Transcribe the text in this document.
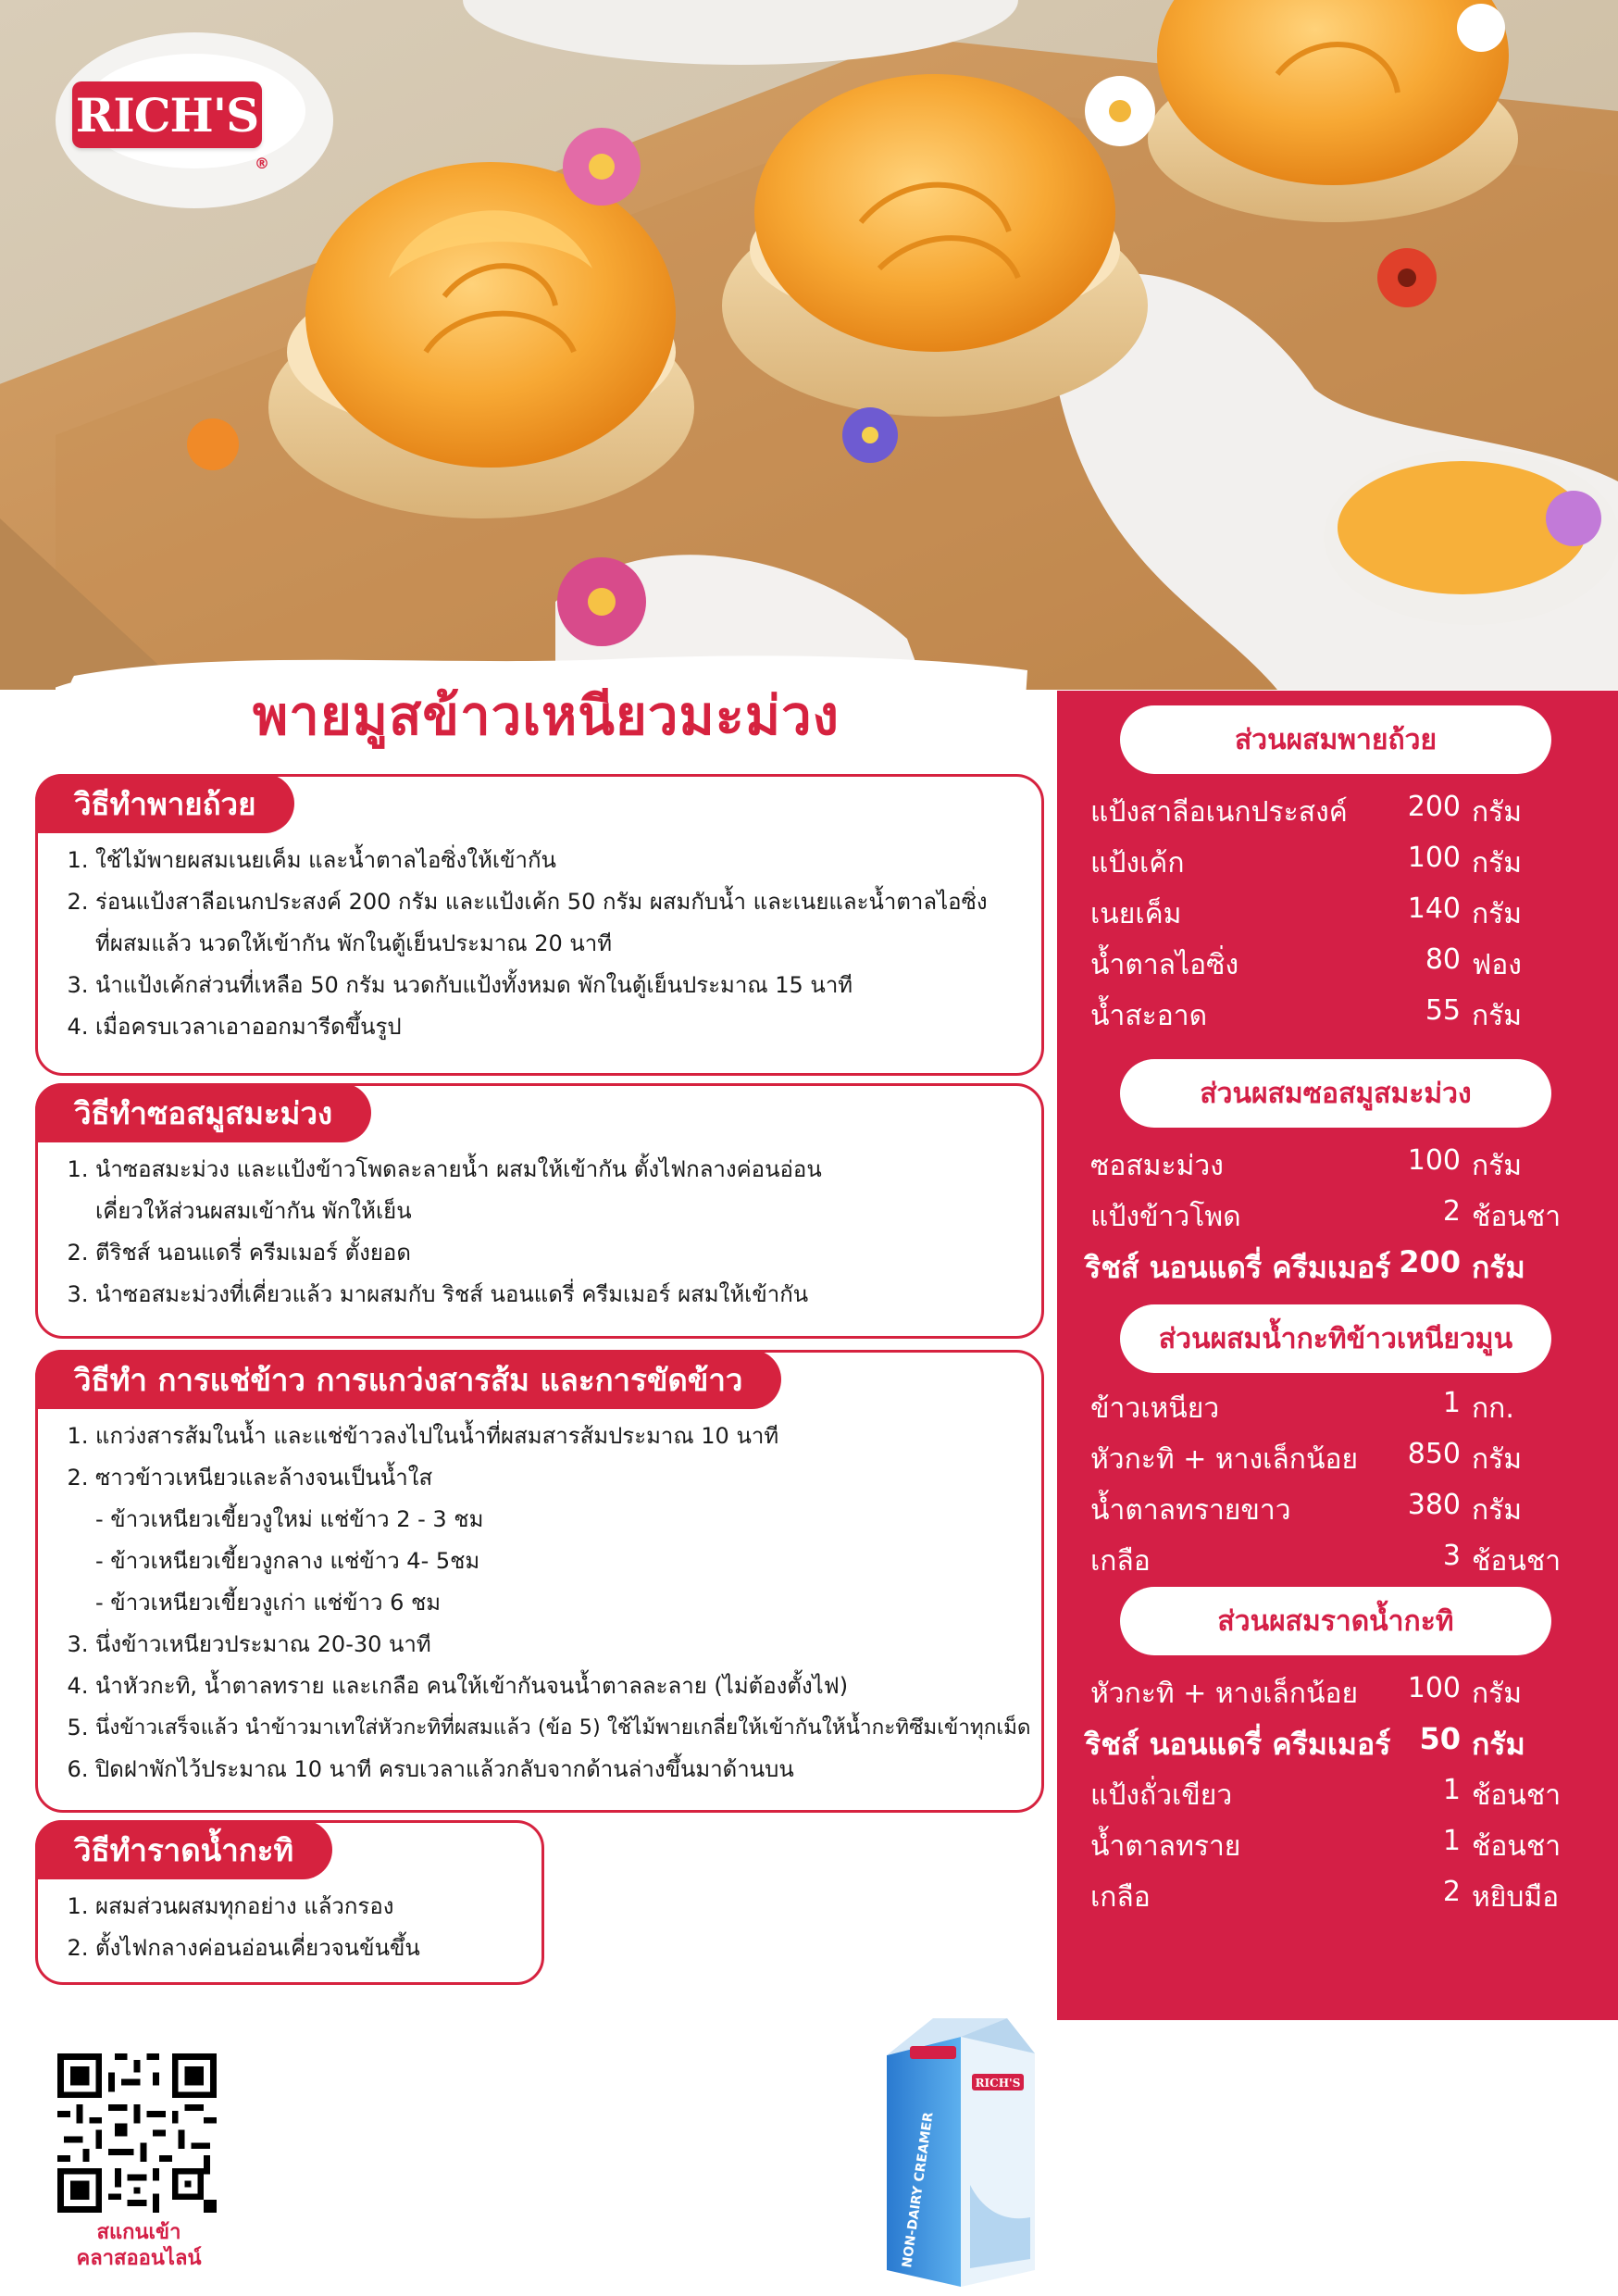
RICH'S
®
พายมูสข้าวเหนียวมะม่วง
วิธีทำพายถ้วย
1. ใช้ไม้พายผสมเนยเค็ม และน้ำตาลไอซิ่งให้เข้ากัน
2. ร่อนแป้งสาลีอเนกประสงค์ 200 กรัม และแป้งเค้ก 50 กรัม ผสมกับน้ำ และเนยและน้ำตาลไอซิ่ง
ที่ผสมแล้ว นวดให้เข้ากัน พักในตู้เย็นประมาณ 20 นาที
3. นำแป้งเค้กส่วนที่เหลือ 50 กรัม นวดกับแป้งทั้งหมด พักในตู้เย็นประมาณ 15 นาที
4. เมื่อครบเวลาเอาออกมารีดขึ้นรูป
วิธีทำซอสมูสมะม่วง
1. นำซอสมะม่วง และแป้งข้าวโพดละลายน้ำ ผสมให้เข้ากัน ตั้งไฟกลางค่อนอ่อน
เคี่ยวให้ส่วนผสมเข้ากัน พักให้เย็น
2. ตีริชส์ นอนแดรี่ ครีมเมอร์ ตั้งยอด
3. นำซอสมะม่วงที่เคี่ยวแล้ว มาผสมกับ ริชส์ นอนแดรี่ ครีมเมอร์ ผสมให้เข้ากัน
วิธีทำ การแช่ข้าว การแกว่งสารส้ม และการขัดข้าว
1. แกว่งสารส้มในน้ำ และแช่ข้าวลงไปในน้ำที่ผสมสารส้มประมาณ 10 นาที
2. ซาวข้าวเหนียวและล้างจนเป็นน้ำใส
- ข้าวเหนียวเขี้ยวงูใหม่ แช่ข้าว 2 - 3 ชม
- ข้าวเหนียวเขี้ยวงูกลาง แช่ข้าว 4- 5ชม
- ข้าวเหนียวเขี้ยวงูเก่า แช่ข้าว 6 ชม
3. นึ่งข้าวเหนียวประมาณ 20-30 นาที
4. นำหัวกะทิ, น้ำตาลทราย และเกลือ คนให้เข้ากันจนน้ำตาลละลาย (ไม่ต้องตั้งไฟ)
5. นึ่งข้าวเสร็จแล้ว นำข้าวมาเทใส่หัวกะทิที่ผสมแล้ว (ข้อ 5) ใช้ไม้พายเกลี่ยให้เข้ากันให้น้ำกะทิซึมเข้าทุกเม็ด
6. ปิดฝาพักไว้ประมาณ 10 นาที ครบเวลาแล้วกลับจากด้านล่างขึ้นมาด้านบน
วิธีทำราดน้ำกะทิ
1. ผสมส่วนผสมทุกอย่าง แล้วกรอง
2. ตั้งไฟกลางค่อนอ่อนเคี่ยวจนข้นขึ้น
ส่วนผสมพายถ้วย
แป้งสาลีอเนกประสงค์ 200 กรัม
แป้งเค้ก	100 กรัม
เนยเค็ม	140 กรัม
น้ำตาลไอซิ่ง	80 ฟอง
น้ำสะอาด	55 กรัม
ส่วนผสมซอสมูสมะม่วง
ซอสมะม่วง	100 กรัม
แป้งข้าวโพด	2 ช้อนชา
ริชส์ นอนแดรี่ ครีมเมอร์ 200 กรัม
ส่วนผสมน้ำกะทิข้าวเหนียวมูน
ข้าวเหนียว	1 กก.
หัวกะทิ + หางเล็กน้อย 850 กรัม
น้ำตาลทรายขาว	380 กรัม
เกลือ	3 ช้อนชา
ส่วนผสมราดน้ำกะทิ
หัวกะทิ + หางเล็กน้อย 100 กรัม
ริชส์ นอนแดรี่ ครีมเมอร์ 50 กรัม
แป้งถั่วเขียว	1 ช้อนชา
น้ำตาลทราย	1 ช้อนชา
เกลือ	2 หยิบมือ
สแกนเข้า
คลาสออนไลน์
RICH'S
NON-DAIRY CREAMER
